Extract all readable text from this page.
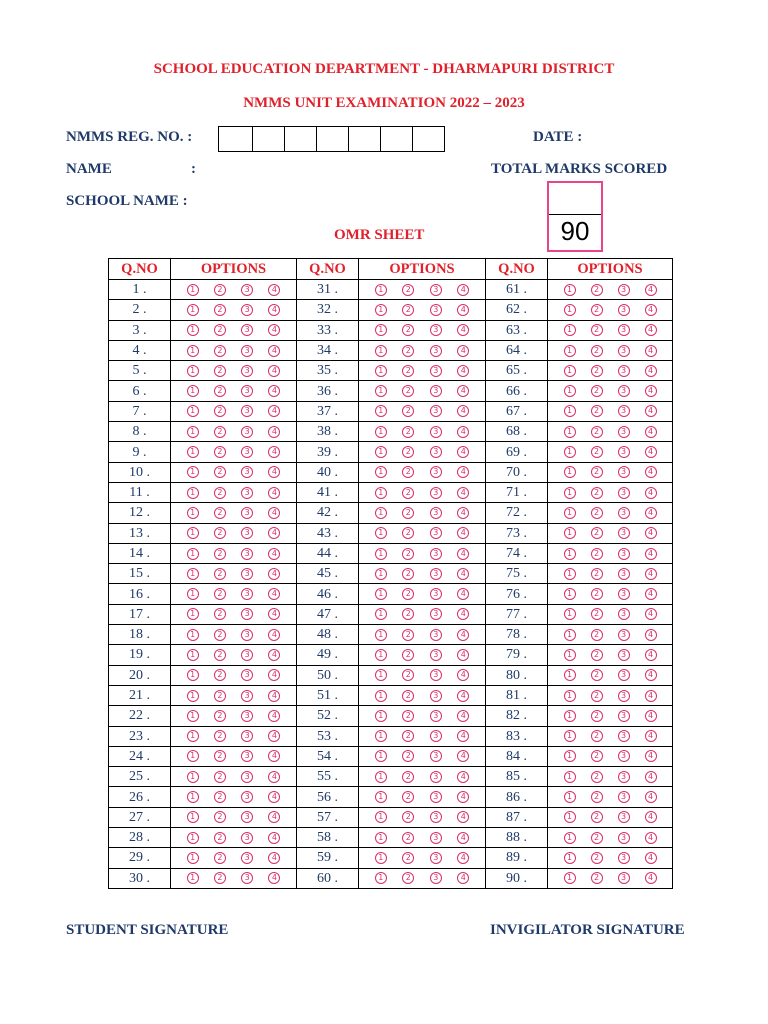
SCHOOL EDUCATION DEPARTMENT - DHARMAPURI DISTRICT
NMMS UNIT EXAMINATION 2022 – 2023
NMMS REG. NO. :	DATE :
NAME	:	TOTAL MARKS SCORED
SCHOOL NAME :
90
OMR SHEET
Q.NO	OPTIONS	Q.NO	OPTIONS	Q.NO	OPTIONS
1 .	1 2 3 4	31 .	1 2 3 4	61 .	1 2 3 4

2 .	1 2 3 4	32 .	1 2 3 4	62 .	1 2 3 4

3 .	1 2 3 4	33 .	1 2 3 4	63 .	1 2 3 4

4 .	1 2 3 4	34 .	1 2 3 4	64 .	1 2 3 4

5 .	1 2 3 4	35 .	1 2 3 4	65 .	1 2 3 4

6 .	1 2 3 4	36 .	1 2 3 4	66 .	1 2 3 4

7 .	1 2 3 4	37 .	1 2 3 4	67 .	1 2 3 4

8 .	1 2 3 4	38 .	1 2 3 4	68 .	1 2 3 4

9 .	1 2 3 4	39 .	1 2 3 4	69 .	1 2 3 4

10 .	1 2 3 4	40 .	1 2 3 4	70 .	1 2 3 4

11 .	1 2 3 4	41 .	1 2 3 4	71 .	1 2 3 4

12 .	1 2 3 4	42 .	1 2 3 4	72 .	1 2 3 4

13 .	1 2 3 4	43 .	1 2 3 4	73 .	1 2 3 4

14 .	1 2 3 4	44 .	1 2 3 4	74 .	1 2 3 4

15 .	1 2 3 4	45 .	1 2 3 4	75 .	1 2 3 4

16 .	1 2 3 4	46 .	1 2 3 4	76 .	1 2 3 4

17 .	1 2 3 4	47 .	1 2 3 4	77 .	1 2 3 4

18 .	1 2 3 4	48 .	1 2 3 4	78 .	1 2 3 4

19 .	1 2 3 4	49 .	1 2 3 4	79 .	1 2 3 4

20 .	1 2 3 4	50 .	1 2 3 4	80 .	1 2 3 4

21 .	1 2 3 4	51 .	1 2 3 4	81 .	1 2 3 4

22 .	1 2 3 4	52 .	1 2 3 4	82 .	1 2 3 4

23 .	1 2 3 4	53 .	1 2 3 4	83 .	1 2 3 4

24 .	1 2 3 4	54 .	1 2 3 4	84 .	1 2 3 4

25 .	1 2 3 4	55 .	1 2 3 4	85 .	1 2 3 4

26 .	1 2 3 4	56 .	1 2 3 4	86 .	1 2 3 4

27 .	1 2 3 4	57 .	1 2 3 4	87 .	1 2 3 4

28 .	1 2 3 4	58 .	1 2 3 4	88 .	1 2 3 4

29 .	1 2 3 4	59 .	1 2 3 4	89 .	1 2 3 4

30 .	1 2 3 4	60 .	1 2 3 4	90 .	1 2 3 4
STUDENT SIGNATURE	INVIGILATOR SIGNATURE
